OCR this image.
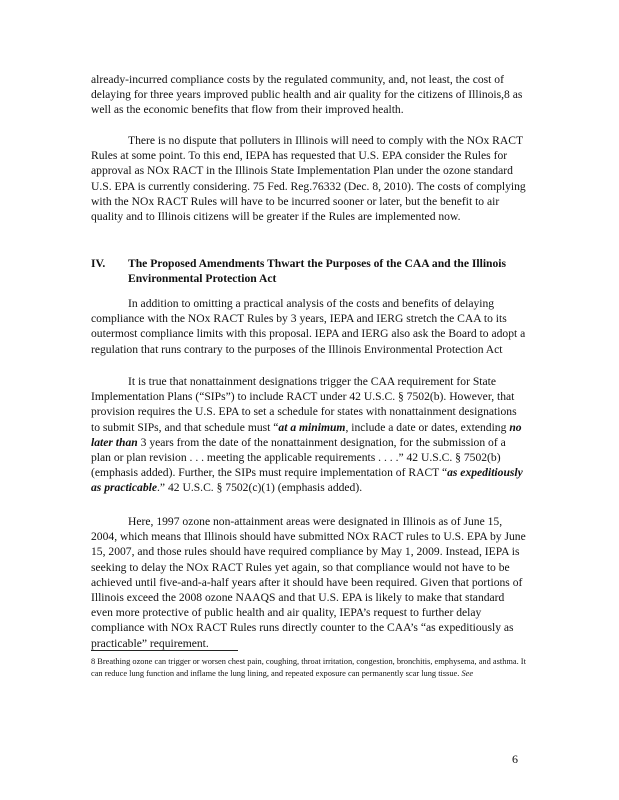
already-incurred compliance costs by the regulated community, and, not least, the cost of delaying for three years improved public health and air quality for the citizens of Illinois,8 as well as the economic benefits that flow from their improved health.

There is no dispute that polluters in Illinois will need to comply with the NOx RACT Rules at some point. To this end, IEPA has requested that U.S. EPA consider the Rules for approval as NOx RACT in the Illinois State Implementation Plan under the ozone standard U.S. EPA is currently considering. 75 Fed. Reg.76332 (Dec. 8, 2010). The costs of complying with the NOx RACT Rules will have to be incurred sooner or later, but the benefit to air quality and to Illinois citizens will be greater if the Rules are implemented now.

IV. The Proposed Amendments Thwart the Purposes of the CAA and the Illinois Environmental Protection Act

In addition to omitting a practical analysis of the costs and benefits of delaying compliance with the NOx RACT Rules by 3 years, IEPA and IERG stretch the CAA to its outermost compliance limits with this proposal. IEPA and IERG also ask the Board to adopt a regulation that runs contrary to the purposes of the Illinois Environmental Protection Act

It is true that nonattainment designations trigger the CAA requirement for State Implementation Plans (“SIPs”) to include RACT under 42 U.S.C. § 7502(b). However, that provision requires the U.S. EPA to set a schedule for states with nonattainment designations to submit SIPs, and that schedule must “at a minimum, include a date or dates, extending no later than 3 years from the date of the nonattainment designation, for the submission of a plan or plan revision . . . meeting the applicable requirements . . . .” 42 U.S.C. § 7502(b) (emphasis added). Further, the SIPs must require implementation of RACT “as expeditiously as practicable.” 42 U.S.C. § 7502(c)(1) (emphasis added).

Here, 1997 ozone non-attainment areas were designated in Illinois as of June 15, 2004, which means that Illinois should have submitted NOx RACT rules to U.S. EPA by June 15, 2007, and those rules should have required compliance by May 1, 2009. Instead, IEPA is seeking to delay the NOx RACT Rules yet again, so that compliance would not have to be achieved until five-and-a-half years after it should have been required. Given that portions of Illinois exceed the 2008 ozone NAAQS and that U.S. EPA is likely to make that standard even more protective of public health and air quality, IEPA’s request to further delay compliance with NOx RACT Rules runs directly counter to the CAA’s “as expeditiously as practicable” requirement.

8 Breathing ozone can trigger or worsen chest pain, coughing, throat irritation, congestion, bronchitis, emphysema, and asthma. It can reduce lung function and inflame the lung lining, and repeated exposure can permanently scar lung tissue. See

6
